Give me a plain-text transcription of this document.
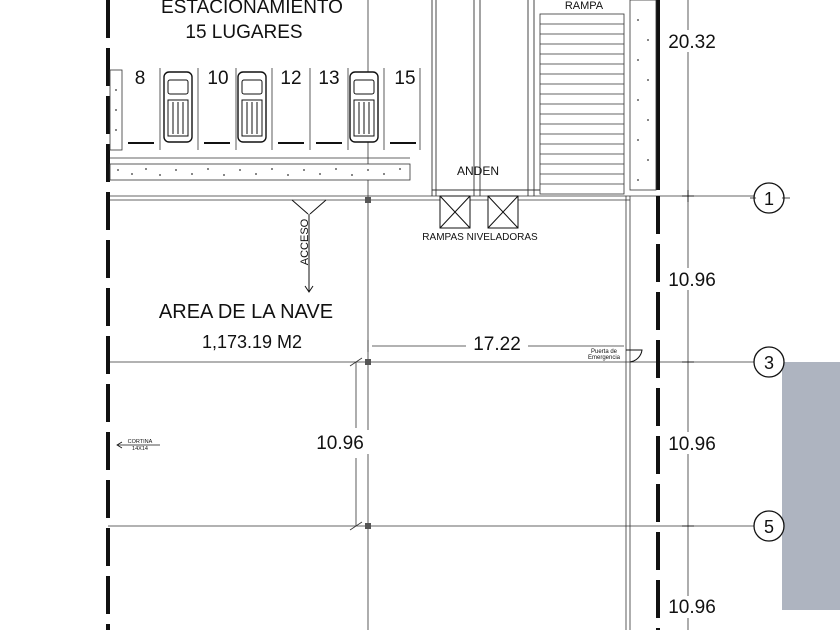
ESTACIONAMIENTO
15 LUGARES
8	10	12 13	15
RAMPA
ANDEN
RAMPAS NIVELADORAS
ACCESO
AREA DE LA NAVE
1,173.19 M2	Puerta de
Emergencia
CORTINA
14X14
17.22
10.96
20.32
10.96
10.96
10.96
1
3
5
